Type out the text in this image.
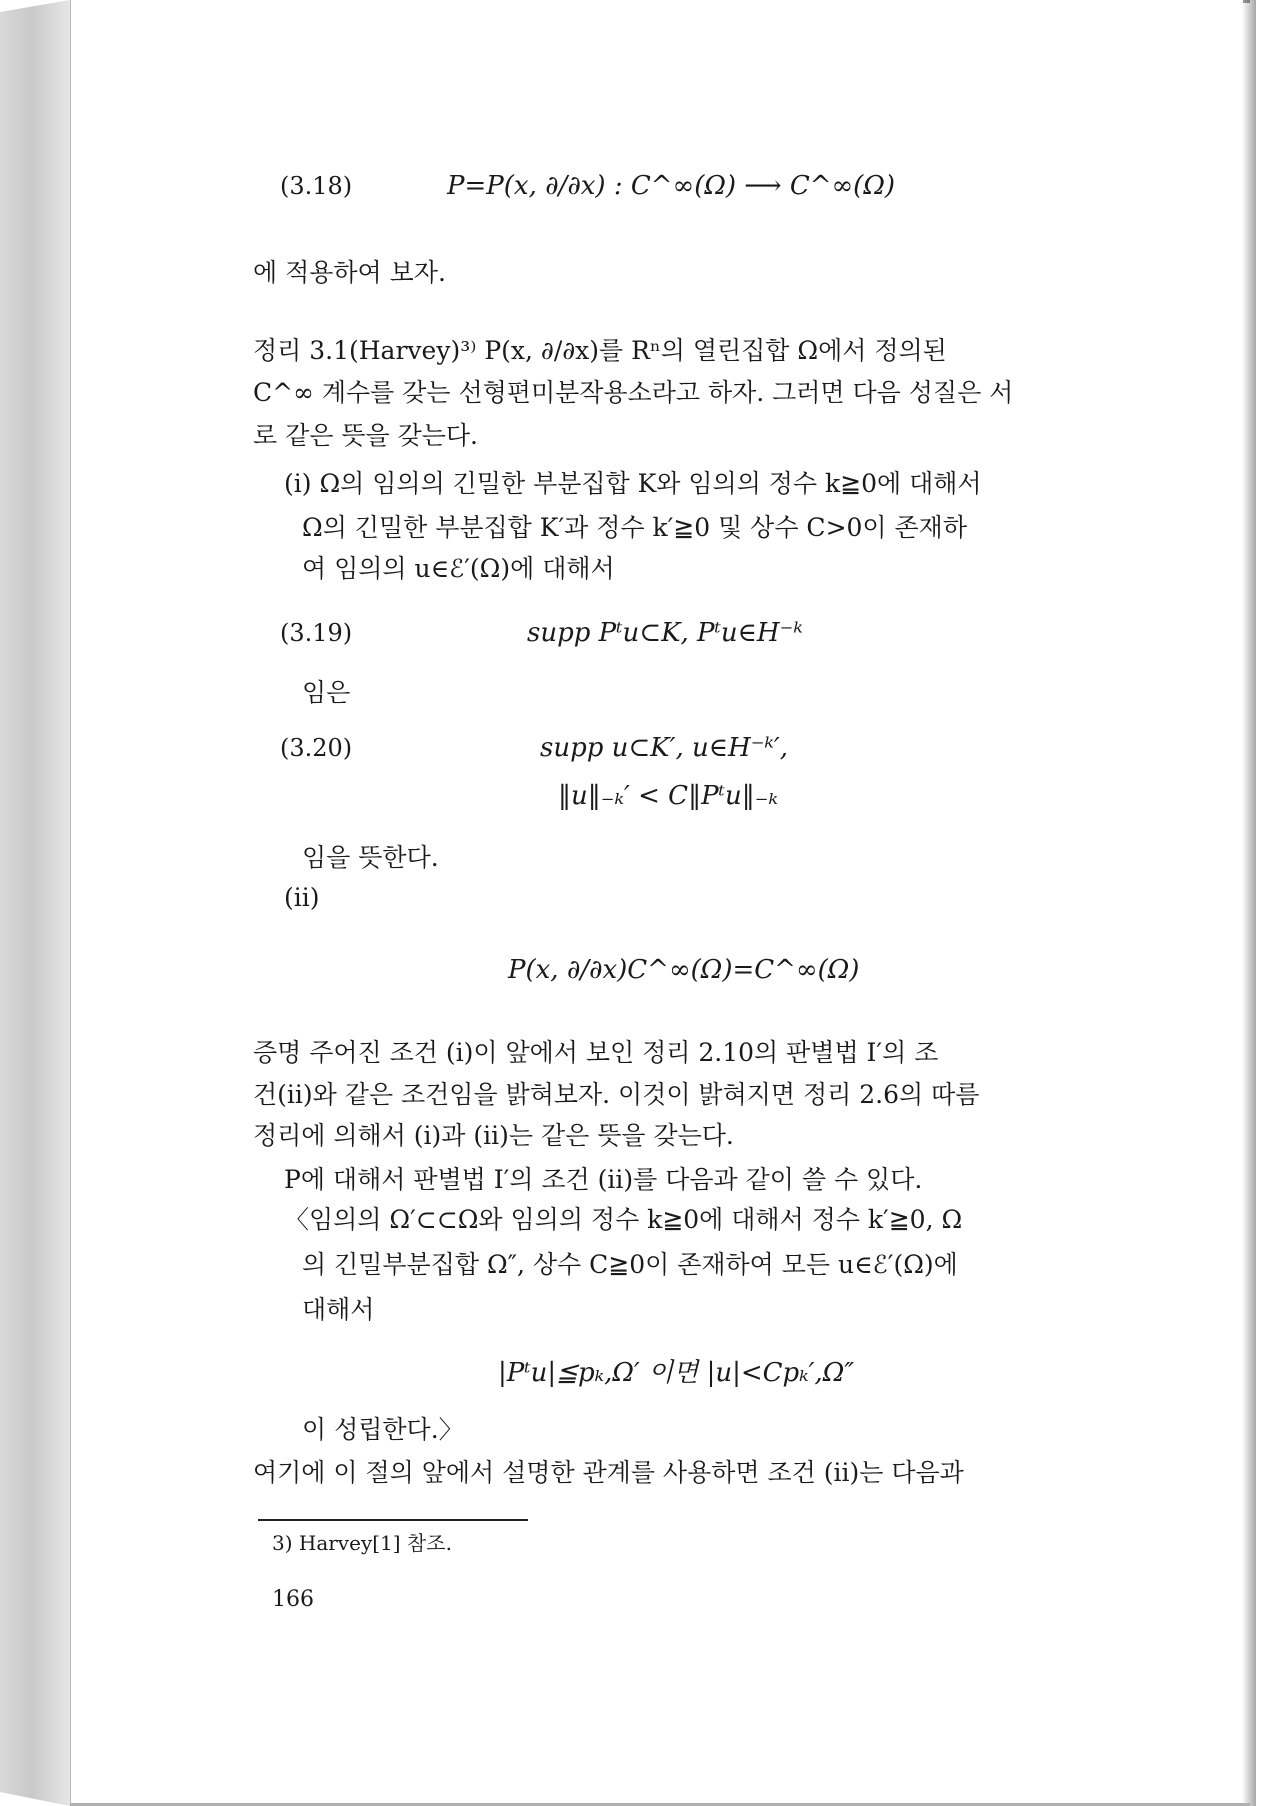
(3.18)	P=P(x, ∂/∂x) : C^∞(Ω) ⟶ C^∞(Ω)
에 적용하여 보자.
정리 3.1(Harvey)³⁾ P(x, ∂/∂x)를 Rⁿ의 열린집합 Ω에서 정의된
C^∞ 계수를 갖는 선형편미분작용소라고 하자. 그러면 다음 성질은 서
로 같은 뜻을 갖는다.
(i) Ω의 임의의 긴밀한 부분집합 K와 임의의 정수 k≧0에 대해서
Ω의 긴밀한 부분집합 K′과 정수 k′≧0 및 상수 C>0이 존재하
여 임의의 u∈ℰ′(Ω)에 대해서
(3.19)	supp Pᵗu⊂K, Pᵗu∈H⁻ᵏ
임은
(3.20)	supp u⊂K′, u∈H⁻ᵏ′,
‖u‖₋ₖ′ < C‖Pᵗu‖₋ₖ
임을 뜻한다.
(ii)
P(x, ∂/∂x)C^∞(Ω)=C^∞(Ω)
증명 주어진 조건 (i)이 앞에서 보인 정리 2.10의 판별법 I′의 조
건(ii)와 같은 조건임을 밝혀보자. 이것이 밝혀지면 정리 2.6의 따름
정리에 의해서 (i)과 (ii)는 같은 뜻을 갖는다.
P에 대해서 판별법 I′의 조건 (ii)를 다음과 같이 쓸 수 있다.
〈임의의 Ω′⊂⊂Ω와 임의의 정수 k≧0에 대해서 정수 k′≧0, Ω
의 긴밀부분집합 Ω″, 상수 C≧0이 존재하여 모든 u∈ℰ′(Ω)에
대해서
|Pᵗu|≦pₖ,Ω′ 이면 |u|<Cpₖ′,Ω″
이 성립한다.〉
여기에 이 절의 앞에서 설명한 관계를 사용하면 조건 (ii)는 다음과
3) Harvey[1] 참조.
166
